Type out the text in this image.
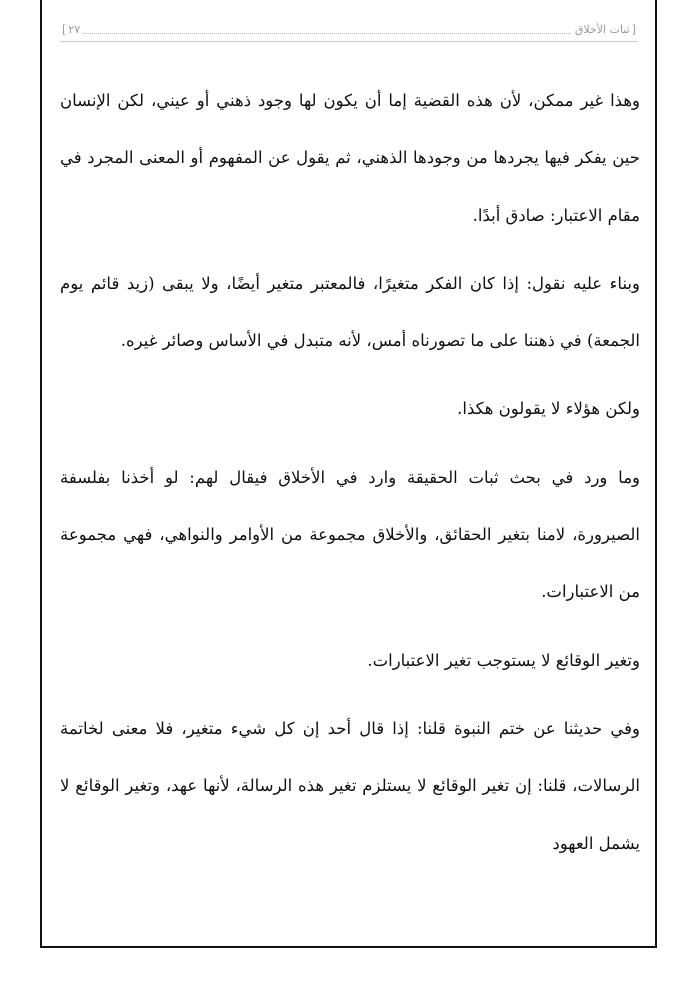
[
ثبات الأخلاق
٢٧
]

وهذا غير ممكن، لأن هذه القضية إما أن يكون لها وجود ذهني أو عيني، لكن الإنسان حين يفكر فيها يجردها من وجودها الذهني، ثم يقول عن المفهوم أو المعنى المجرد في مقام الاعتبار: صادق أبدًا.

وبناء عليه نقول: إذا كان الفكر متغيرًا، فالمعتبر متغير أيضًا، ولا يبقى (زيد قائم يوم الجمعة) في ذهننا على ما تصورناه أمس، لأنه متبدل في الأساس وصائر غيره.

ولكن هؤلاء لا يقولون هكذا.

وما ورد في بحث ثبات الحقيقة وارد في الأخلاق فيقال لهم: لو أخذنا بفلسفة الصيرورة، لامنا بتغير الحقائق، والأخلاق مجموعة من الأوامر والنواهي، فهي مجموعة من الاعتبارات.

وتغير الوقائع لا يستوجب تغير الاعتبارات.

وفي حديثنا عن ختم النبوة قلنا: إذا قال أحد إن كل شيء متغير، فلا معنى لخاتمة الرسالات، قلنا: إن تغير الوقائع لا يستلزم تغير هذه الرسالة، لأنها عهد، وتغير الوقائع لا يشمل العهود
